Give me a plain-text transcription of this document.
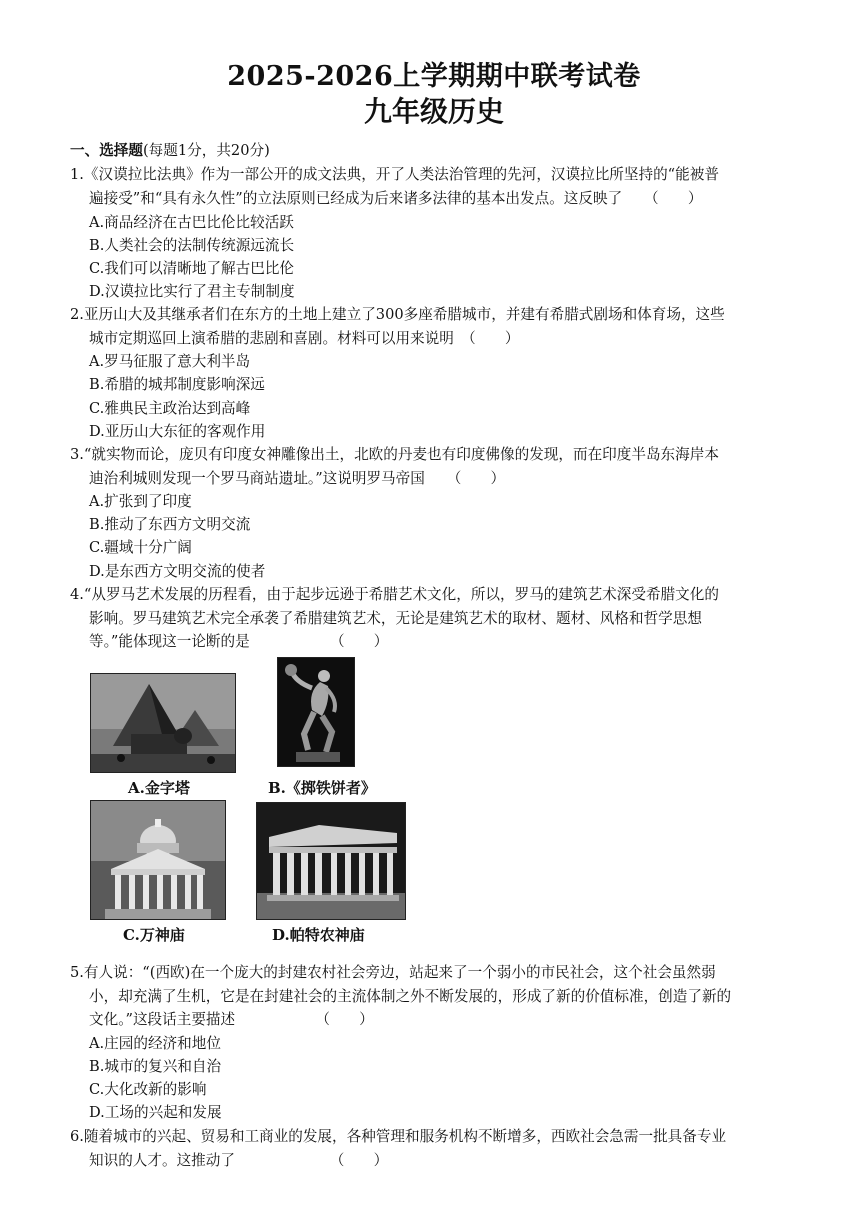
2025-2026上学期期中联考试卷
九年级历史
一、选择题(每题1分，共20分)
1.《汉谟拉比法典》作为一部公开的成文法典，开了人类法治管理的先河，汉谟拉比所坚持的“能被普
遍接受”和“具有永久性”的立法原则已经成为后来诸多法律的基本出发点。这反映了　　（　　）
A.商品经济在古巴比伦比较活跃
B.人类社会的法制传统源远流长
C.我们可以清晰地了解古巴比伦
D.汉谟拉比实行了君主专制制度
2.亚历山大及其继承者们在东方的土地上建立了300多座希腊城市，并建有希腊式剧场和体育场，这些
城市定期巡回上演希腊的悲剧和喜剧。材料可以用来说明　（　　）
A.罗马征服了意大利半岛
B.希腊的城邦制度影响深远
C.雅典民主政治达到高峰
D.亚历山大东征的客观作用
3.“就实物而论，庞贝有印度女神雕像出土，北欧的丹麦也有印度佛像的发现，而在印度半岛东海岸本
迪治利城则发现一个罗马商站遗址。”这说明罗马帝国　　（　　）
A.扩张到了印度
B.推动了东西方文明交流
C.疆域十分广阔
D.是东西方文明交流的使者
4.“从罗马艺术发展的历程看，由于起步远逊于希腊艺术文化，所以，罗马的建筑艺术深受希腊文化的
影响。罗马建筑艺术完全承袭了希腊建筑艺术，无论是建筑艺术的取材、题材、风格和哲学思想
等。”能体现这一论断的是　　　　　　（　　）
A.金字塔	B.《掷铁饼者》
C.万神庙	D.帕特农神庙
5.有人说：“(西欧)在一个庞大的封建农村社会旁边，站起来了一个弱小的市民社会，这个社会虽然弱
小，却充满了生机，它是在封建社会的主流体制之外不断发展的，形成了新的价值标准，创造了新的
文化。”这段话主要描述　　　　　　（　　）
A.庄园的经济和地位
B.城市的复兴和自治
C.大化改新的影响
D.工场的兴起和发展
6.随着城市的兴起、贸易和工商业的发展，各种管理和服务机构不断增多，西欧社会急需一批具备专业
知识的人才。这推动了　　　　　　　（　　）
